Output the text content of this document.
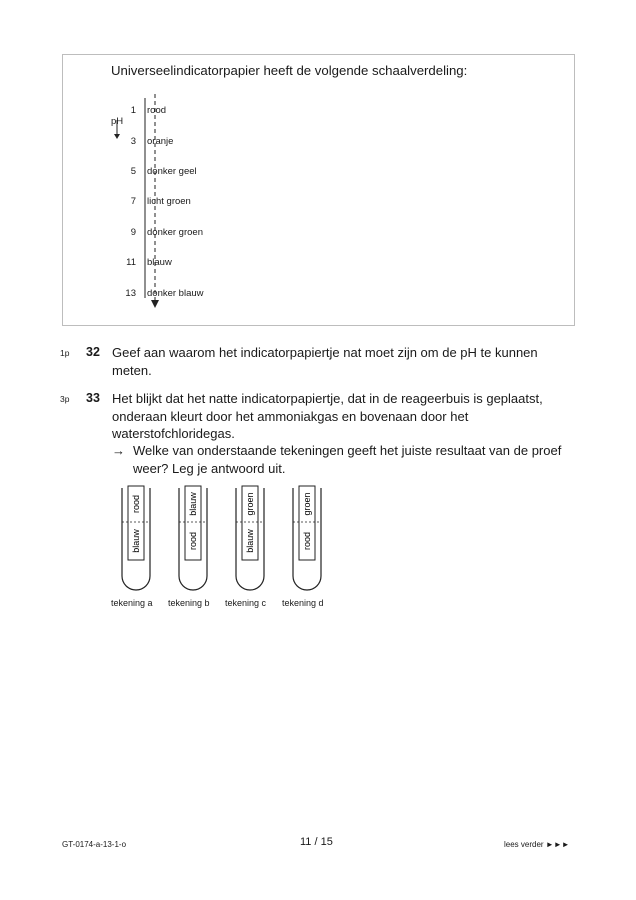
Universeelindicatorpapier heeft de volgende schaalverdeling:
pH
1 rood
3 oranje
5 donker geel
7 licht groen
9 donker groen
11 blauw
13 donker blauw
1p 32 Geef aan waarom het indicatorpapiertje nat moet zijn om de pH te kunnen meten.
3p 33 Het blijkt dat het natte indicatorpapiertje, dat in de reageerbuis is geplaatst, onderaan kleurt door het ammoniakgas en bovenaan door het waterstofchloridegas.
→ Welke van onderstaande tekeningen geeft het juiste resultaat van de proef weer? Leg je antwoord uit.
rood
blauw
blauw
rood
groen
blauw
groen
rood
tekening a tekening b tekening c tekening d
GT-0174-a-13-1-o	11 / 15	lees verder ►►►
